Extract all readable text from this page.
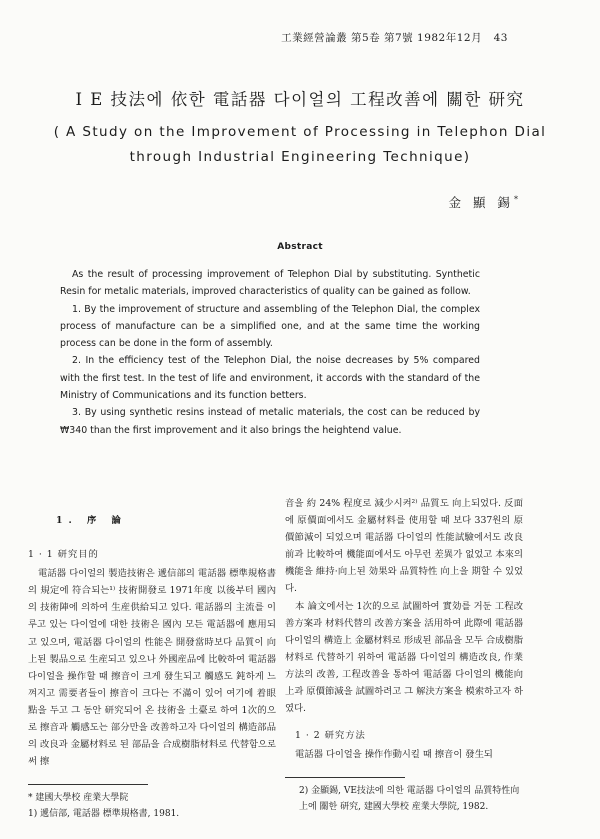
工業經營論叢 第5卷 第7號 1982年12月 43
I E 技法에 依한 電話器 다이얼의 工程改善에 關한 研究
( A Study on the Improvement of Processing in Telephon Dial
through Industrial Engineering Technique)
金 顯 錫*
Abstract

As the result of processing improvement of Telephon Dial by substituting. Synthetic Resin for metalic materials, improved characteristics of quality can be gained as follow.

1. By the improvement of structure and assembling of the Telephon Dial, the complex process of manufacture can be a simplified one, and at the same time the working process can be done in the form of assembly.

2. In the efficiency test of the Telephon Dial, the noise decreases by 5% compared with the first test. In the test of life and environment, it accords with the standard of the Ministry of Communications and its function betters.

3. By using synthetic resins instead of metalic materials, the cost can be reduced by ₩340 than the first improvement and it also brings the heightend value.

1. 序 論

1 · 1 研究目的

電話器 다이얼의 製造技術은 遞信部의 電話器 標準規格書의 規定에 符合되는¹⁾ 技術開發로 1971年度 以後부터 國內의 技術陣에 의하여 生産供給되고 있다. 電話器의 主流를 이루고 있는 다이얼에 대한 技術은 國內 모든 電話器에 應用되고 있으며, 電話器 다이얼의 性能은 開發當時보다 品質이 向上된 製品으로 生産되고 있으나 外國産品에 比較하여 電話器 다이얼을 操作할 때 擦音이 크게 發生되고 觸感도 鈍하게 느껴지고 需要者들이 擦音이 크다는 不滿이 있어 여기에 着眼點을 두고 그 동안 研究되어 온 技術을 土臺로 하여 1次的으로 擦音과 觸感도는 部分만을 改善하고자 다이얼의 構造部品의 改良과 金屬材料로 된 部品을 合成樹脂材料로 代替함으로써 擦

* 建國大學校 産業大學院

1) 遞信部, 電話器 標準規格書, 1981.

音을 約 24% 程度로 減少시켜²⁾ 品質도 向上되었다. 反面에 原價面에서도 金屬材料를 使用할 때 보다 337원의 原價節減이 되었으며 電話器 다이얼의 性能試驗에서도 改良前과 比較하여 機能面에서도 아무런 差異가 없었고 本來의 機能을 維持·向上된 効果와 品質特性 向上을 期할 수 있었다.

本 論文에서는 1次的으로 試圖하여 實効를 거둔 工程改善方案과 材料代替의 改善方案을 活用하여 此際에 電話器 다이얼의 構造上 金屬材料로 形成된 部品을 모두 合成樹脂材料로 代替하기 위하여 電話器 다이얼의 構造改良, 作業方法의 改善, 工程改善을 통하여 電話器 다이얼의 機能向上과 原價節減을 試圖하려고 그 解決方案을 模索하고자 하였다.

1 · 2 研究方法

電話器 다이얼을 操作作動시킬 때 擦音이 發生되

2) 金顯錫, VE技法에 의한 電話器 다이얼의 品質特性向上에 關한 研究, 建國大學校 産業大學院, 1982.
